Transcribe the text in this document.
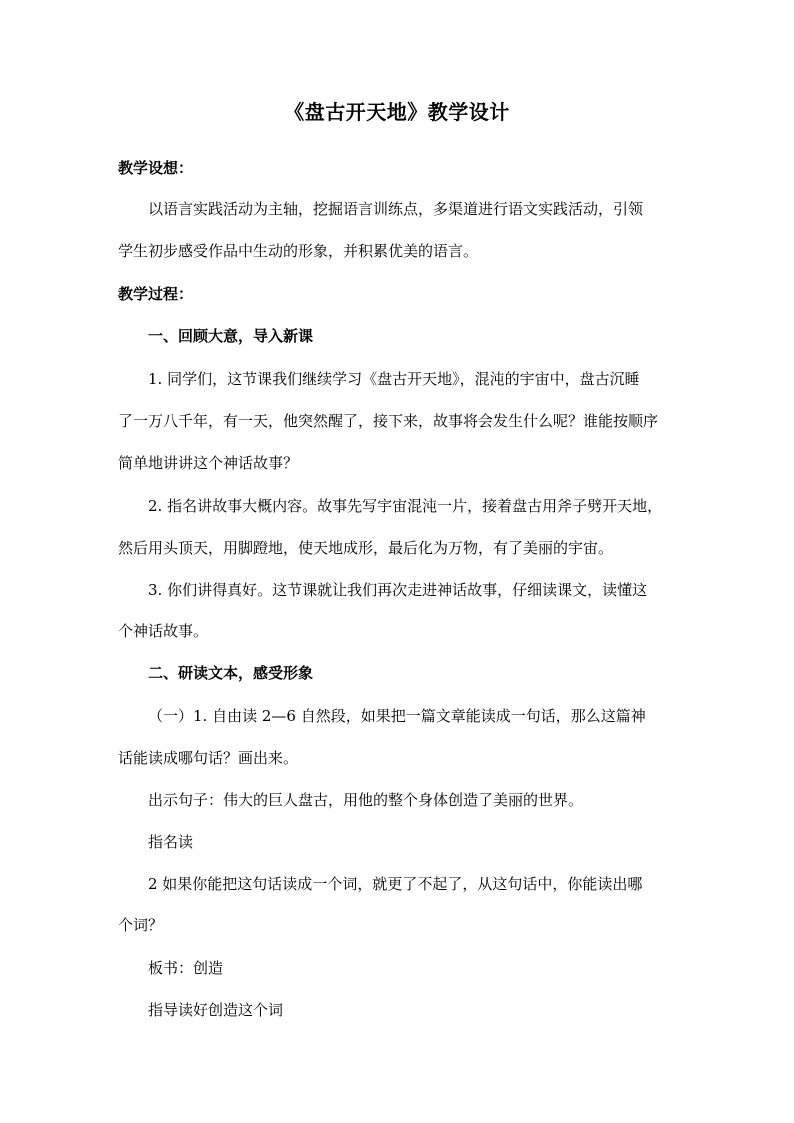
《盘古开天地》教学设计
教学设想：
以语言实践活动为主轴，挖掘语言训练点，多渠道进行语文实践活动，引领
学生初步感受作品中生动的形象，并积累优美的语言。
教学过程：
一、回顾大意，导入新课
1. 同学们，这节课我们继续学习《盘古开天地》，混沌的宇宙中，盘古沉睡
了一万八千年，有一天，他突然醒了，接下来，故事将会发生什么呢？谁能按顺序
简单地讲讲这个神话故事？
2. 指名讲故事大概内容。故事先写宇宙混沌一片，接着盘古用斧子劈开天地，
然后用头顶天，用脚蹬地，使天地成形，最后化为万物，有了美丽的宇宙。
3. 你们讲得真好。这节课就让我们再次走进神话故事，仔细读课文，读懂这
个神话故事。
二、研读文本，感受形象
（一）1. 自由读 2—6 自然段，如果把一篇文章能读成一句话，那么这篇神
话能读成哪句话？画出来。
出示句子：伟大的巨人盘古，用他的整个身体创造了美丽的世界。
指名读
2 如果你能把这句话读成一个词，就更了不起了，从这句话中，你能读出哪
个词？
板书：创造
指导读好创造这个词
